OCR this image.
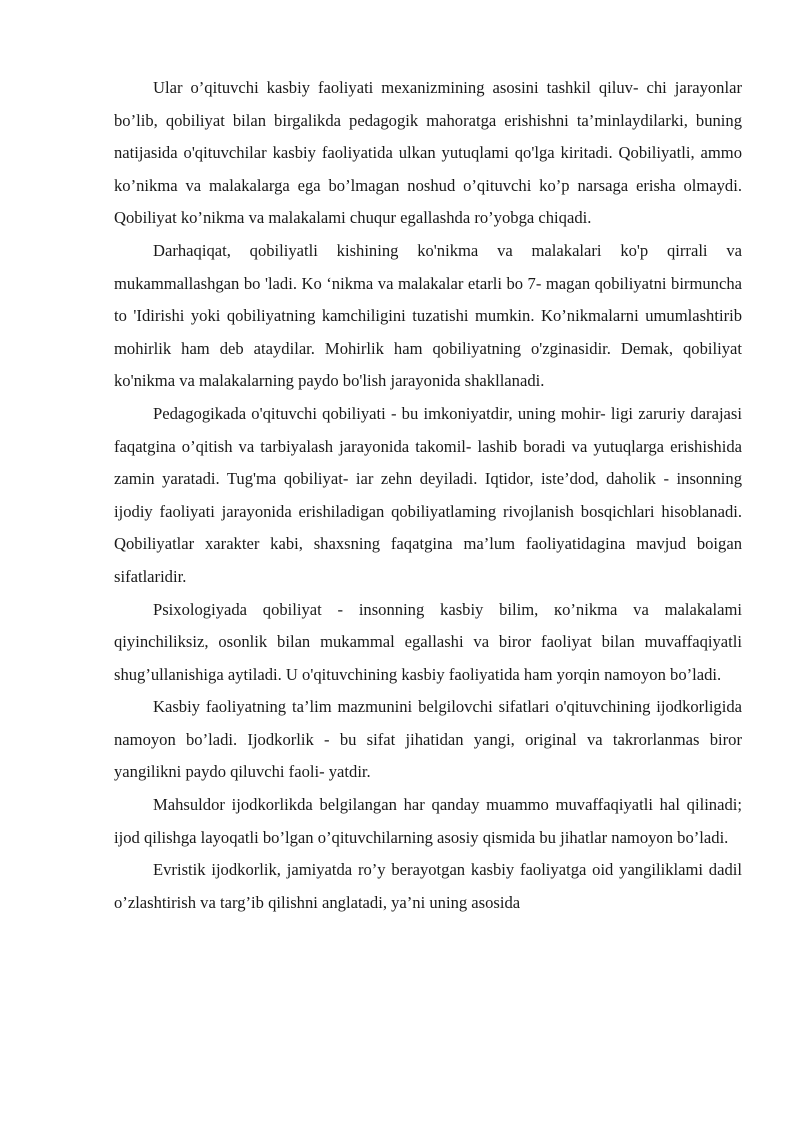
Ular o’qituvchi kasbiy faoliyati mexanizmining asosini tashkil qiluv- chi jarayonlar bo’lib, qobiliyat bilan birgalikda pedagogik mahoratga erishishni ta’minlaydilarki, buning natijasida o'qituvchilar kasbiy faoliyatida ulkan yutuqlami qo'lga kiritadi. Qobiliyatli, ammo ko’nikma va malakalarga ega bo’lmagan noshud o’qituvchi ko’p narsaga erisha olmaydi. Qobiliyat ko’nikma va malakalami chuqur egallashda ro’yobga chiqadi.

Darhaqiqat, qobiliyatli kishining ko'nikma va malakalari ko'p qirrali va mukammallashgan bo 'ladi. Ko ‘nikma va malakalar etarli bo 7- magan qobiliyatni birmuncha to 'Idirishi yoki qobiliyatning kamchiligini tuzatishi mumkin. Ko’nikmalarni umumlashtirib mohirlik ham deb ataydilar. Mohirlik ham qobiliyatning o'zginasidir. Demak, qobiliyat ko'nikma va malakalarning paydo bo'lish jarayonida shakllanadi.

Pedagogikada o'qituvchi qobiliyati - bu imkoniyatdir, uning mohir- ligi zaruriy darajasi faqatgina o’qitish va tarbiyalash jarayonida takomil- lashib boradi va yutuqlarga erishishida zamin yaratadi. Tug'ma qobiliyat- iar zehn deyiladi. Iqtidor, iste’dod, daholik - insonning ijodiy faoliyati jarayonida erishiladigan qobiliyatlaming rivojlanish bosqichlari hisoblanadi. Qobiliyatlar xarakter kabi, shaxsning faqatgina ma’lum faoliyatidagina mavjud boigan sifatlaridir.

Psixologiyada qobiliyat - insonning kasbiy bilim, кo’nikma va malakalami qiyinchiliksiz, osonlik bilan mukammal egallashi va biror faoliyat bilan muvaffaqiyatli shug’ullanishiga aytiladi. U o'qituvchining kasbiy faoliyatida ham yorqin namoyon bo’ladi.

Kasbiy faoliyatning ta’lim mazmunini belgilovchi sifatlari o'qituvchining ijodkorligida namoyon bo’ladi. Ijodkorlik - bu sifat jihatidan yangi, original va takrorlanmas biror yangilikni paydo qiluvchi faoli- yatdir.

Mahsuldor ijodkorlikda belgilangan har qanday muammo muvaffaqiyatli hal qilinadi; ijod qilishga layoqatli bo’lgan o’qituvchilarning asosiy qismida bu jihatlar namoyon bo’ladi.

Evristik ijodkorlik, jamiyatda ro’y berayotgan kasbiy faoliyatga oid yangiliklami dadil o’zlashtirish va targ’ib qilishni anglatadi, ya’ni uning asosida
